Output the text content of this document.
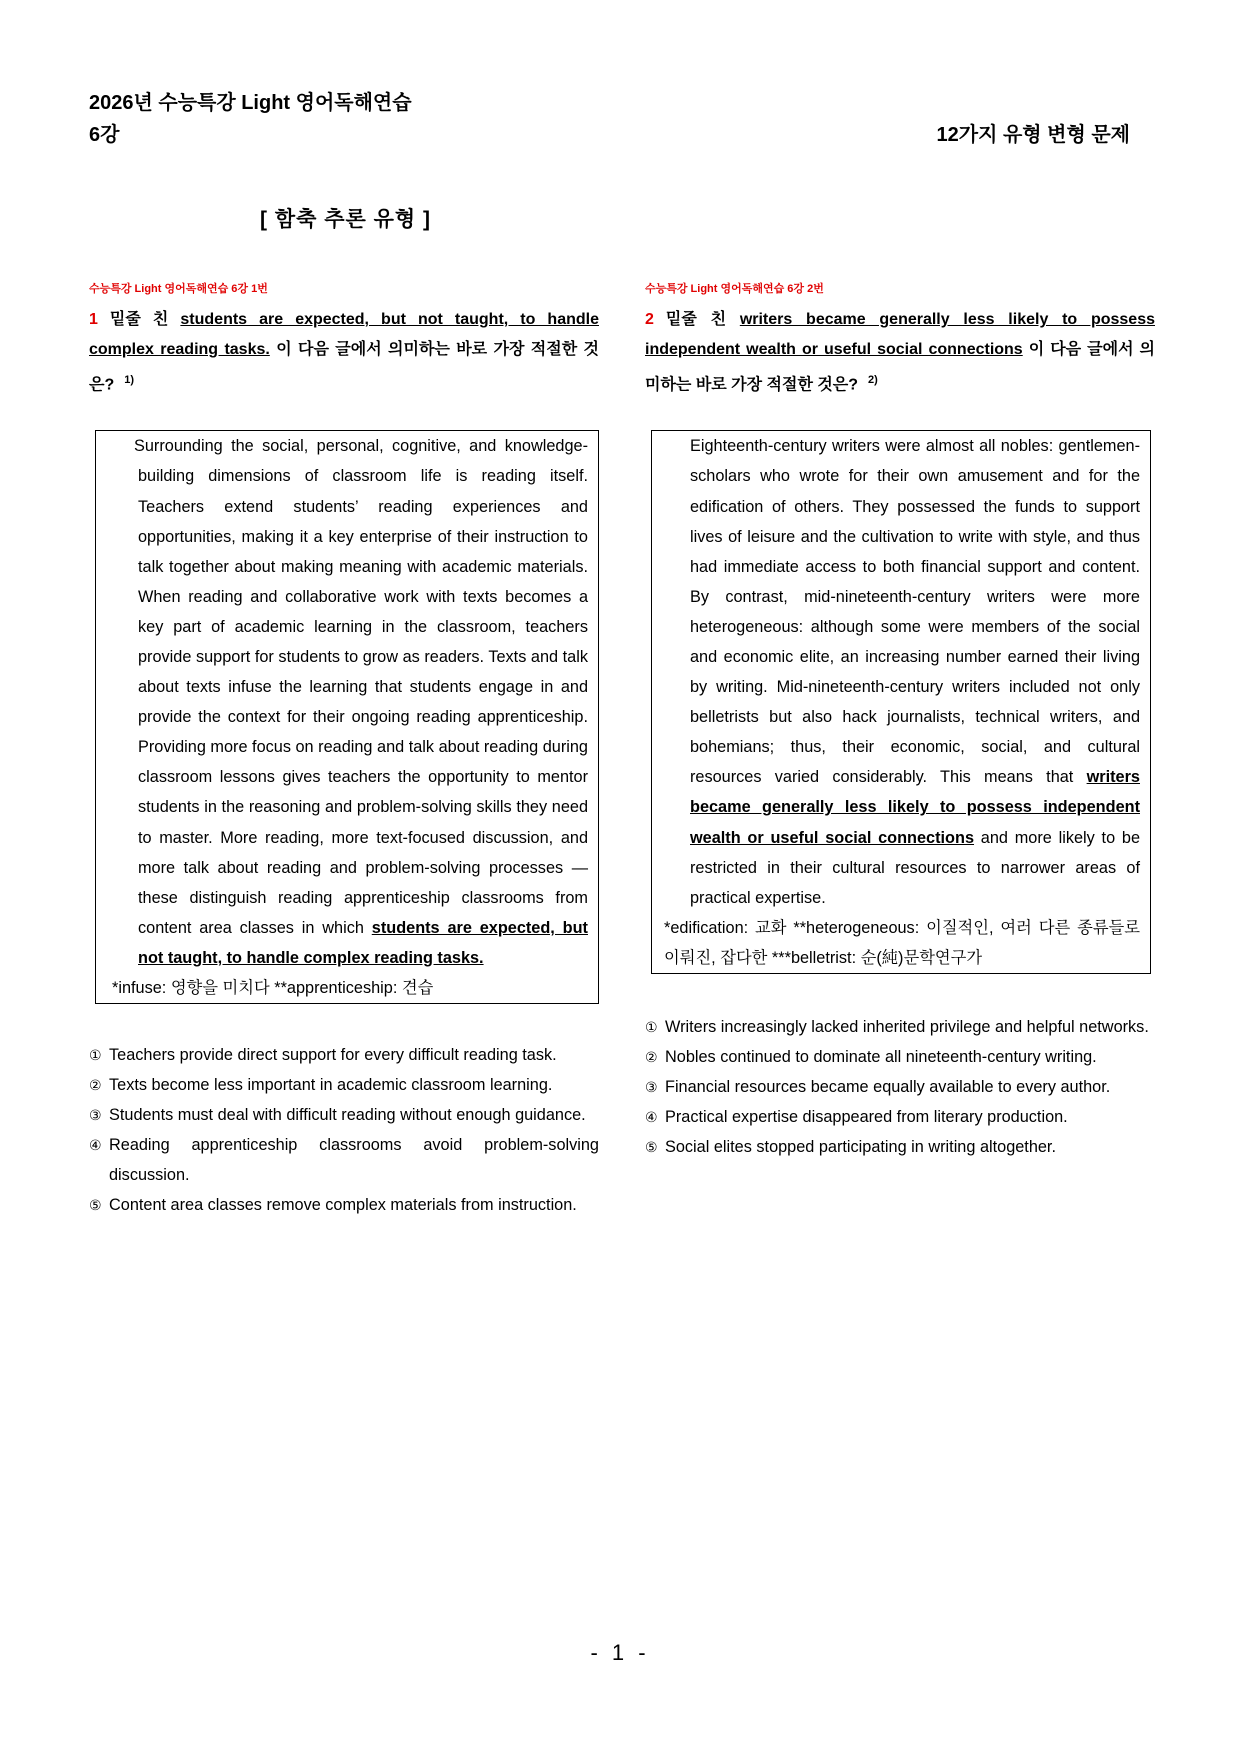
2026년 수능특강 Light 영어독해연습
6강	12가지 유형 변형 문제
[ 함축 추론 유형 ]
수능특강 Light 영어독해연습 6강 1번
1 밑줄 친 students are expected, but not taught, to handle complex reading tasks. 이 다음 글에서 의미하는 바로 가장 적절한 것은? $^{1)}$
Surrounding the social, personal, cognitive, and knowledge-building dimensions of classroom life is reading itself. Teachers extend students’ reading experiences and opportunities, making it a key enterprise of their instruction to talk together about making meaning with academic materials. When reading and collaborative work with texts becomes a key part of academic learning in the classroom, teachers provide support for students to grow as readers. Texts and talk about texts infuse the learning that students engage in and provide the context for their ongoing reading apprenticeship. Providing more focus on reading and talk about reading during classroom lessons gives teachers the opportunity to mentor students in the reasoning and problem-solving skills they need to master. More reading, more text-focused discussion, and more talk about reading and problem-solving processes — these distinguish reading apprenticeship classrooms from content area classes in which students are expected, but not taught, to handle complex reading tasks.
*infuse: 영향을 미치다 **apprenticeship: 견습
① Teachers provide direct support for every difficult reading task.
② Texts become less important in academic classroom learning.
③ Students must deal with difficult reading without enough guidance.
④ Reading apprenticeship classrooms avoid problem-solving discussion.
⑤ Content area classes remove complex materials from instruction.
수능특강 Light 영어독해연습 6강 2번
2 밑줄 친 writers became generally less likely to possess independent wealth or useful social connections 이 다음 글에서 의미하는 바로 가장 적절한 것은? $^{2)}$
Eighteenth-century writers were almost all nobles: gentlemen-scholars who wrote for their own amusement and for the edification of others. They possessed the funds to support lives of leisure and the cultivation to write with style, and thus had immediate access to both financial support and content. By contrast, mid-nineteenth-century writers were more heterogeneous: although some were members of the social and economic elite, an increasing number earned their living by writing. Mid-nineteenth-century writers included not only belletrists but also hack journalists, technical writers, and bohemians; thus, their economic, social, and cultural resources varied considerably. This means that writers became generally less likely to possess independent wealth or useful social connections and more likely to be restricted in their cultural resources to narrower areas of practical expertise.
*edification: 교화 **heterogeneous: 이질적인, 여러 다른 종류들로 이뤄진, 잡다한 ***belletrist: 순(純)문학연구가
① Writers increasingly lacked inherited privilege and helpful networks.
② Nobles continued to dominate all nineteenth-century writing.
③ Financial resources became equally available to every author.
④ Practical expertise disappeared from literary production.
⑤ Social elites stopped participating in writing altogether.
- 1 -
